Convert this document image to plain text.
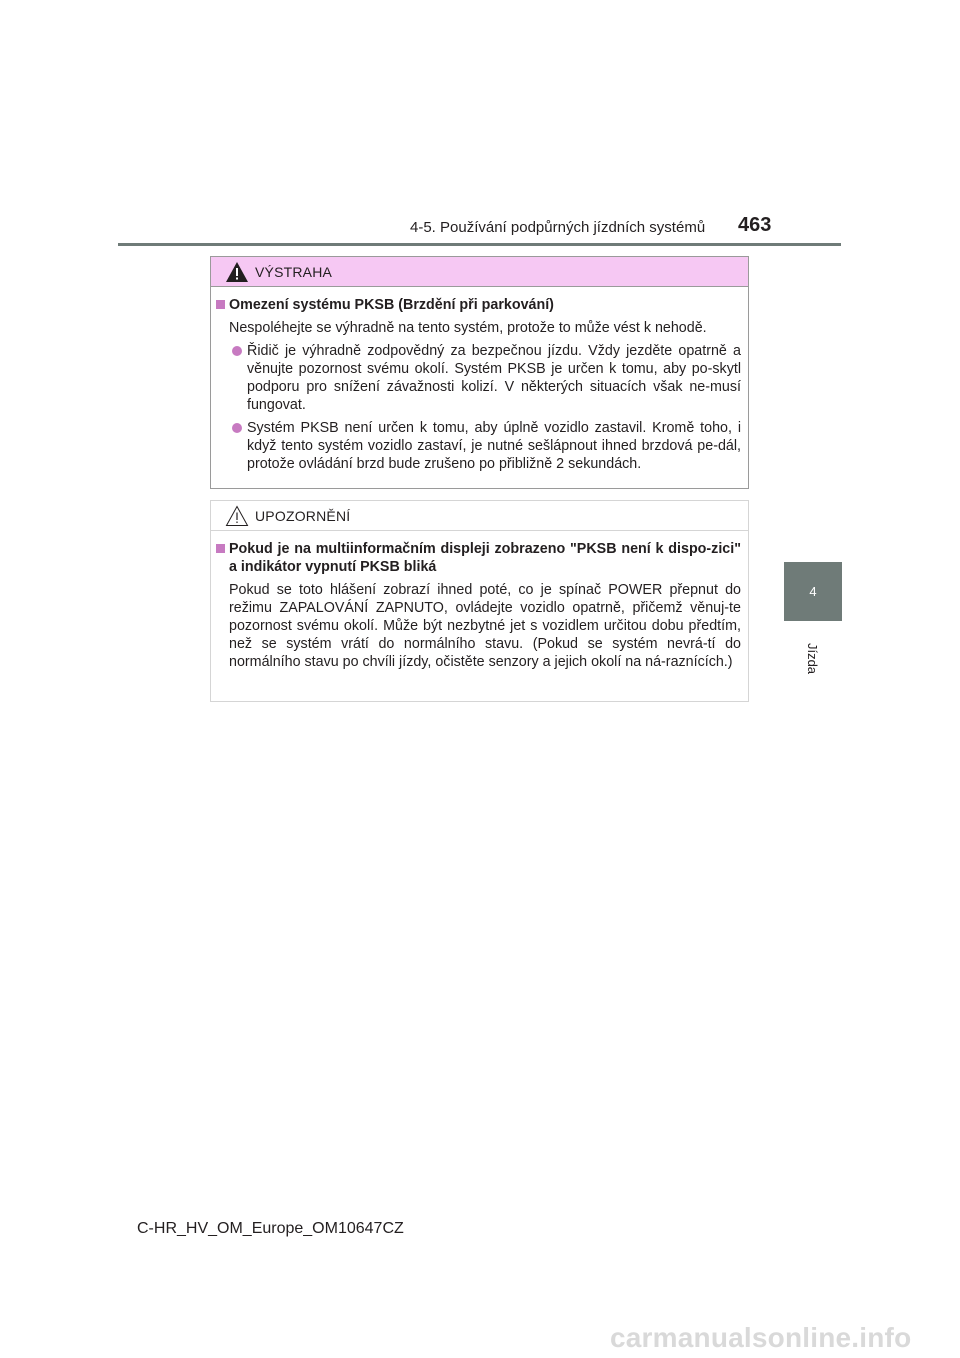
4-5. Používání podpůrných jízdních systémů 463
4
Jízda
VÝSTRAHA
Omezení systému PKSB (Brzdění při parkování)
Nespoléhejte se výhradně na tento systém, protože to může vést k nehodě.
Řidič je výhradně zodpovědný za bezpečnou jízdu. Vždy jezděte opatrně a věnujte pozornost svému okolí. Systém PKSB je určen k tomu, aby po-skytl podporu pro snížení závažnosti kolizí. V některých situacích však ne-musí fungovat.
Systém PKSB není určen k tomu, aby úplně vozidlo zastavil. Kromě toho, i když tento systém vozidlo zastaví, je nutné sešlápnout ihned brzdová pe-dál, protože ovládání brzd bude zrušeno po přibližně 2 sekundách.
UPOZORNĚNÍ
Pokud je na multiinformačním displeji zobrazeno "PKSB není k dispo-zici" a indikátor vypnutí PKSB bliká
Pokud se toto hlášení zobrazí ihned poté, co je spínač POWER přepnut do režimu ZAPALOVÁNÍ ZAPNUTO, ovládejte vozidlo opatrně, přičemž věnuj-te pozornost svému okolí. Může být nezbytné jet s vozidlem určitou dobu předtím, než se systém vrátí do normálního stavu. (Pokud se systém nevrá-tí do normálního stavu po chvíli jízdy, očistěte senzory a jejich okolí na ná-raznících.)
C-HR_HV_OM_Europe_OM10647CZ
carmanualsonline.info
